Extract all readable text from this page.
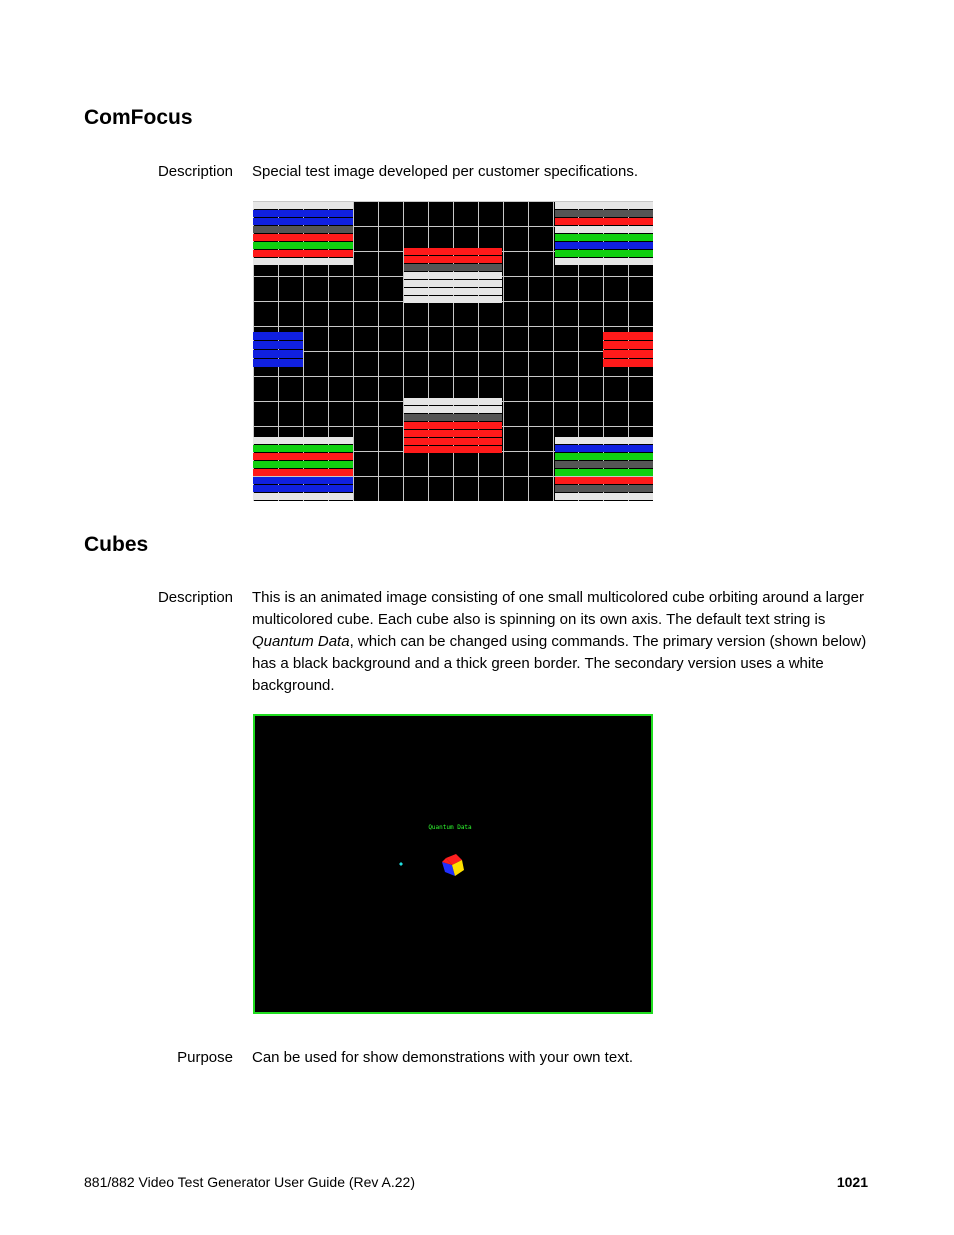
ComFocus
Description Special test image developed per customer specifications.

Cubes
Description This is an animated image consisting of one small multicolored cube orbiting around a larger multicolored cube. Each cube also is spinning on its own axis. The default text string is Quantum Data, which can be changed using commands. The primary version (shown below) has a black background and a thick green border. The secondary version uses a white background.

Quantum Data
Purpose Can be used for show demonstrations with your own text.

881/882 Video Test Generator User Guide (Rev A.22)	1021
